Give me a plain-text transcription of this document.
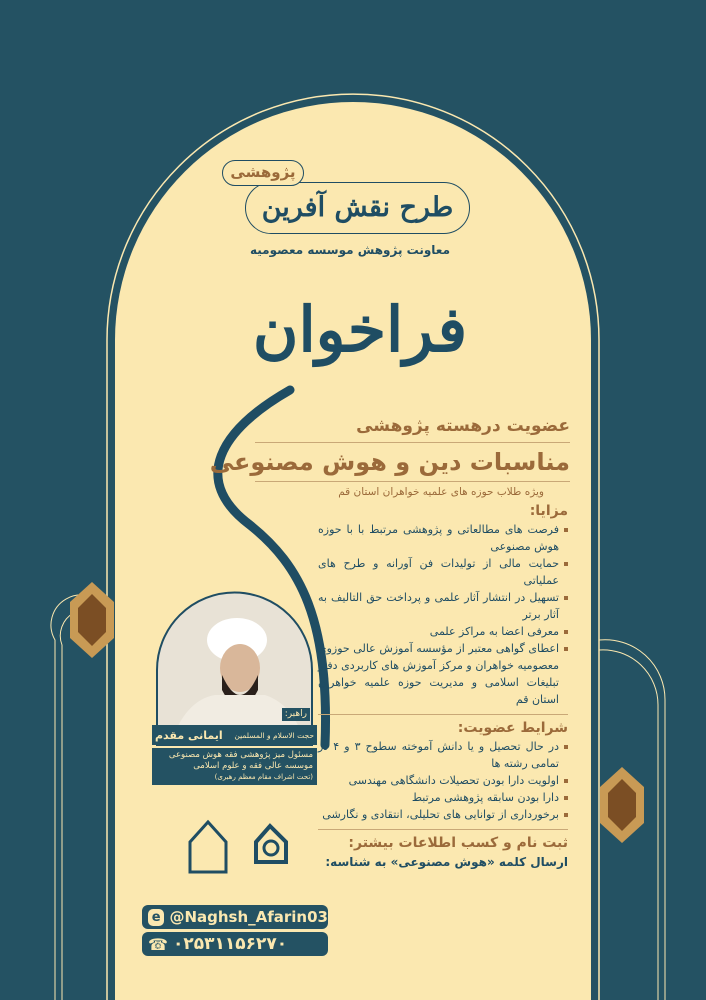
پژوهشی
طرح نقش آفرین
معاونت پژوهش موسسه معصومیه
فراخوان
عضویت درهسته پژوهشی
مناسبات دین و هوش مصنوعی
ویژه طلاب حوزه های علمیه خواهران استان قم
مزایا:
فرصت های مطالعاتی و پژوهشی مرتبط با با حوزه هوش مصنوعی
حمایت مالی از تولیدات فن آورانه و طرح های عملیاتی
تسهیل در انتشار آثار علمی و پرداخت حق التالیف به آثار برتر
معرفی اعضا به مراکز علمی
اعطای گواهی معتبر از مؤسسه آموزش عالی حوزوی معصومیه خواهران و مرکز آموزش های کاربردی دفتر تبلیغات اسلامی و مدیریت حوزه علمیه خواهران استان قم
شرایط عضویت:
در حال تحصیل و یا دانش آموخته سطوح ۳ و ۴ در تمامی رشته ها
اولویت دارا بودن تحصیلات دانشگاهی مهندسی
دارا بودن سابقه پژوهشی مرتبط
برخورداری از توانایی های تحلیلی، انتقادی و نگارشی
ثبت نام و کسب اطلاعات بیشتر:
ارسال کلمه «هوش مصنوعی» به شناسه:
راهبر:
حجت الاسلام و المسلمین
ایمانی مقدم
مسئول میز پژوهشی فقه هوش مصنوعی
موسسه عالی فقه و علوم اسلامی
(تحت اشراف مقام معظم رهبری)
e @Naghsh_Afarin03
☎ ۰۲۵۳۱۱۵۶۲۷۰
